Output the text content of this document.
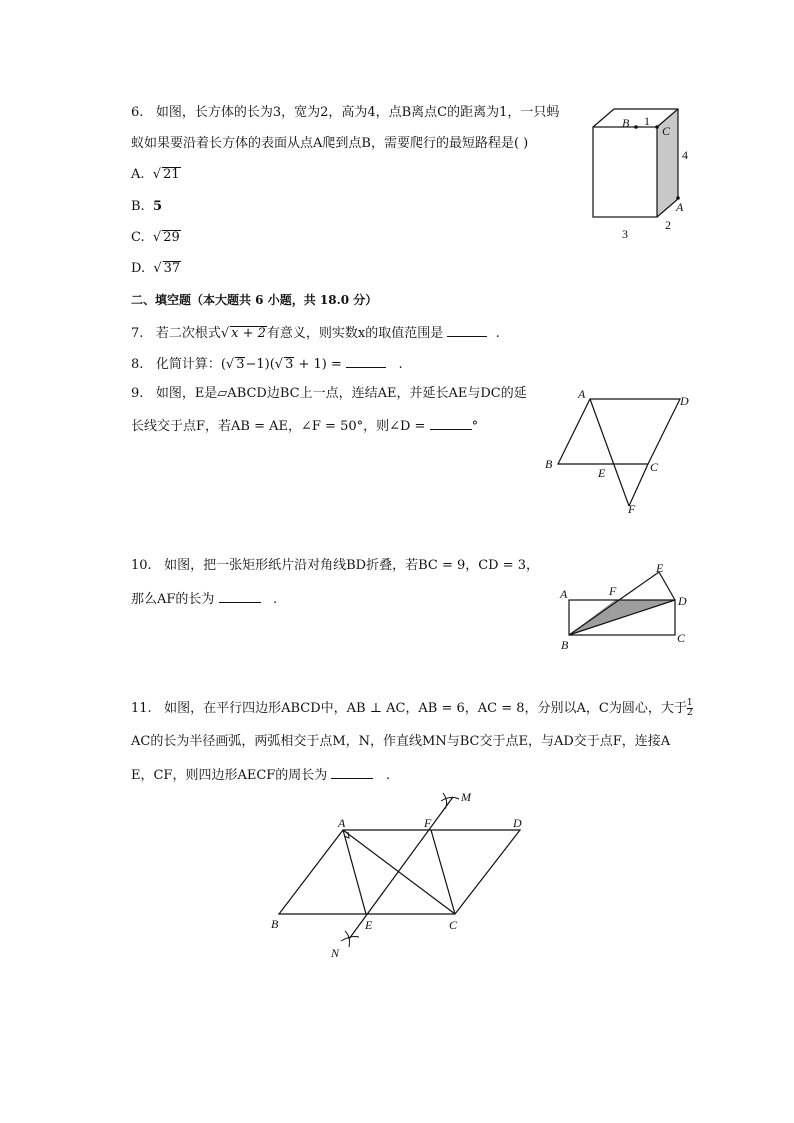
6. 如图，长方体的长为3，宽为2，高为4，点B离点C的距离为1，一只蚂
蚁如果要沿着长方体的表面从点A爬到点B，需要爬行的最短路程是( )
A. √ 21
B. 5
C. √ 29
D. √ 37
B 1
C
4
A
3
2
二、填空题（本大题共 6 小题，共 18.0 分）
7. 若二次根式√ x + 2有意义，则实数x的取值范围是	.
8. 化简计算：(√ 3−1)(√ 3 + 1) =	.
9. 如图，E是▱ABCD边BC上一点，连结AE，并延长AE与DC的延
长线交于点F，若AB = AE，∠F = 50°，则∠D =	°
A	D
B
E	C
F
10. 如图，把一张矩形纸片沿对角线BD折叠，若BC = 9，CD = 3，
那么AF的长为	.	A	F
E
D
B	C
11. 如图，在平行四边形ABCD中，AB ⊥ AC，AB = 6，AC = 8，分别以A，C为圆心，大于 $\frac{1}{2}$
AC的长为半径画弧，两弧相交于点M，N，作直线MN与BC交于点E，与AD交于点F，连接A
E，CF，则四边形AECF的周长为	.
A	F	D
M
B	E	C
N
